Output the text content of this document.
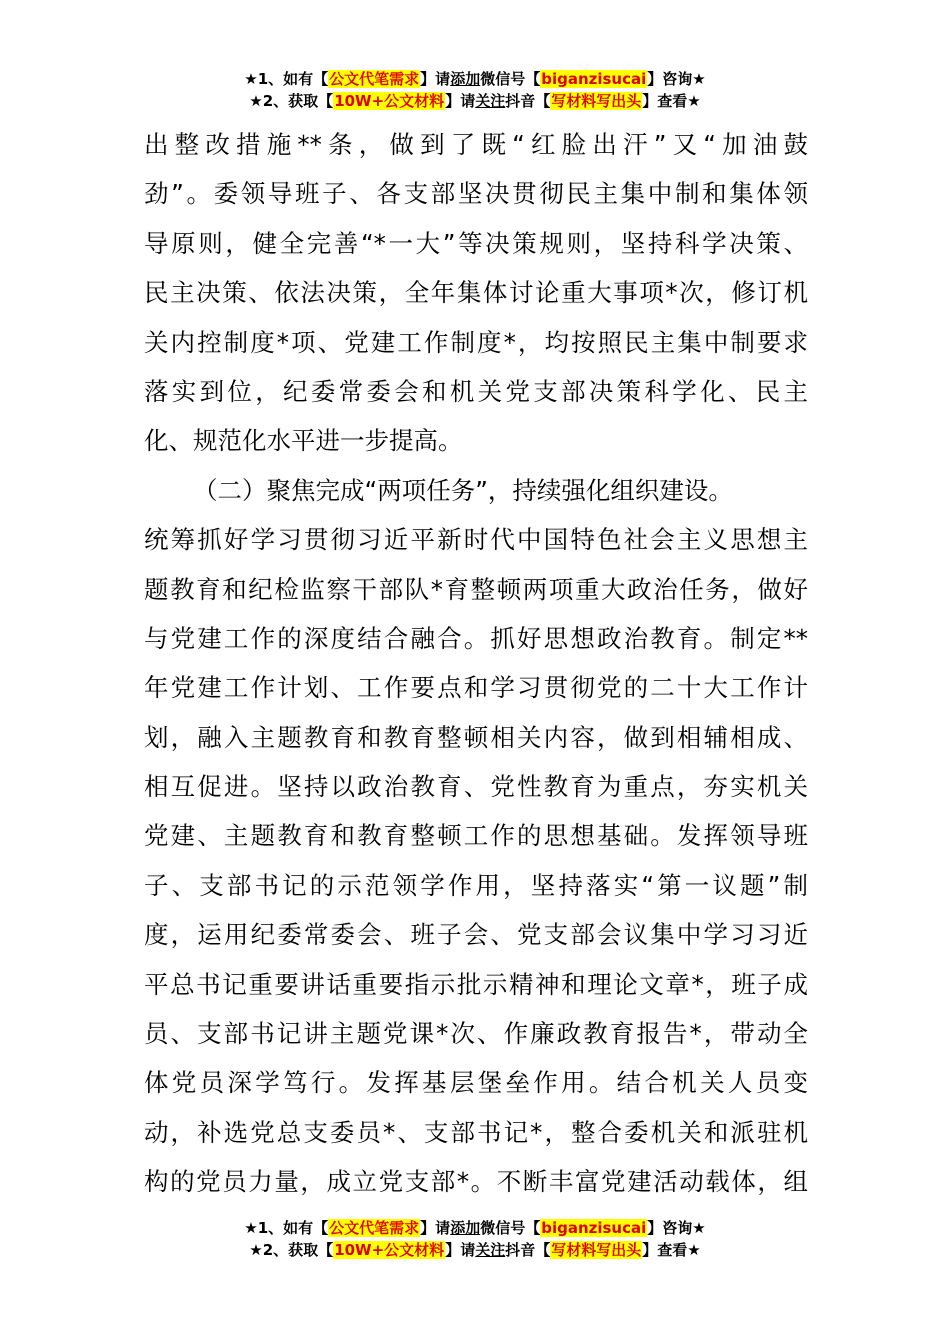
★1、如有【公文代笔需求】请添加微信号【biganzisucai】咨询★
★2、获取【10W+公文材料】请关注抖音【写材料写出头】查看★
出整改措施**条，做到了既“红脸出汗”又“加油鼓
劲”。委领导班子、各支部坚决贯彻民主集中制和集体领
导原则，健全完善“*一大”等决策规则，坚持科学决策、
民主决策、依法决策，全年集体讨论重大事项*次，修订机
关内控制度*项、党建工作制度*，均按照民主集中制要求
落实到位，纪委常委会和机关党支部决策科学化、民主
化、规范化水平进一步提高。
（二）聚焦完成“两项任务”，持续强化组织建设。
统筹抓好学习贯彻习近平新时代中国特色社会主义思想主
题教育和纪检监察干部队*育整顿两项重大政治任务，做好
与党建工作的深度结合融合。抓好思想政治教育。制定**
年党建工作计划、工作要点和学习贯彻党的二十大工作计
划，融入主题教育和教育整顿相关内容，做到相辅相成、
相互促进。坚持以政治教育、党性教育为重点，夯实机关
党建、主题教育和教育整顿工作的思想基础。发挥领导班
子、支部书记的示范领学作用，坚持落实“第一议题”制
度，运用纪委常委会、班子会、党支部会议集中学习习近
平总书记重要讲话重要指示批示精神和理论文章*，班子成
员、支部书记讲主题党课*次、作廉政教育报告*，带动全
体党员深学笃行。发挥基层堡垒作用。结合机关人员变
动，补选党总支委员*、支部书记*，整合委机关和派驻机
构的党员力量，成立党支部*。不断丰富党建活动载体，组
★1、如有【公文代笔需求】请添加微信号【biganzisucai】咨询★
★2、获取【10W+公文材料】请关注抖音【写材料写出头】查看★
